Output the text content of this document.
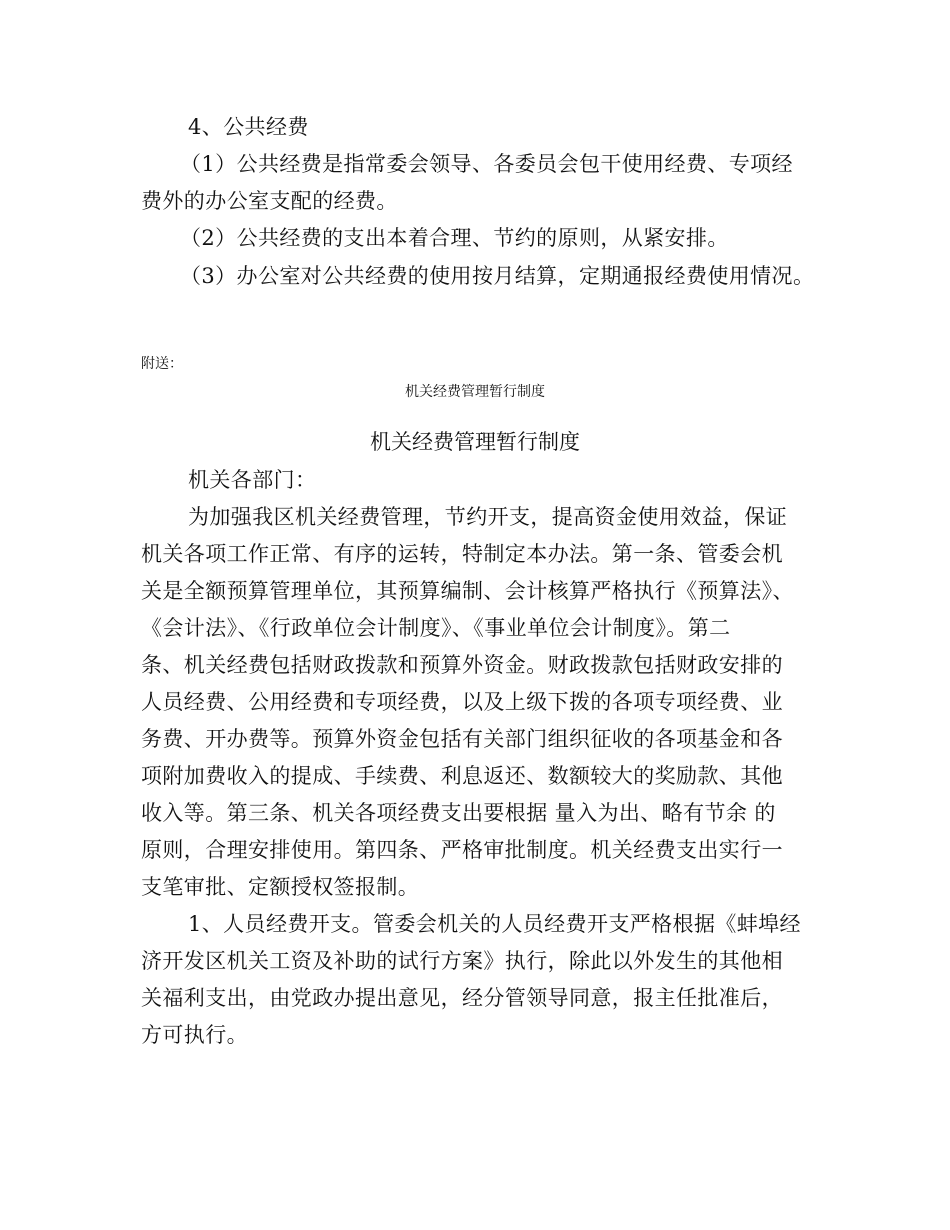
4、公共经费
（1）公共经费是指常委会领导、各委员会包干使用经费、专项经
费外的办公室支配的经费。
（2）公共经费的支出本着合理、节约的原则，从紧安排。
（3）办公室对公共经费的使用按月结算，定期通报经费使用情况。
附送：
机关经费管理暂行制度
机关经费管理暂行制度
机关各部门：
为加强我区机关经费管理，节约开支，提高资金使用效益，保证
机关各项工作正常、有序的运转，特制定本办法。第一条、管委会机
关是全额预算管理单位，其预算编制、会计核算严格执行《预算法》、
《会计法》、《行政单位会计制度》、《事业单位会计制度》。第二
条、机关经费包括财政拨款和预算外资金。财政拨款包括财政安排的
人员经费、公用经费和专项经费，以及上级下拨的各项专项经费、业
务费、开办费等。预算外资金包括有关部门组织征收的各项基金和各
项附加费收入的提成、手续费、利息返还、数额较大的奖励款、其他
收入等。第三条、机关各项经费支出要根据 量入为出、略有节余 的
原则，合理安排使用。第四条、严格审批制度。机关经费支出实行一
支笔审批、定额授权签报制。
1、人员经费开支。管委会机关的人员经费开支严格根据《蚌埠经
济开发区机关工资及补助的试行方案》执行，除此以外发生的其他相
关福利支出，由党政办提出意见，经分管领导同意，报主任批准后，
方可执行。
